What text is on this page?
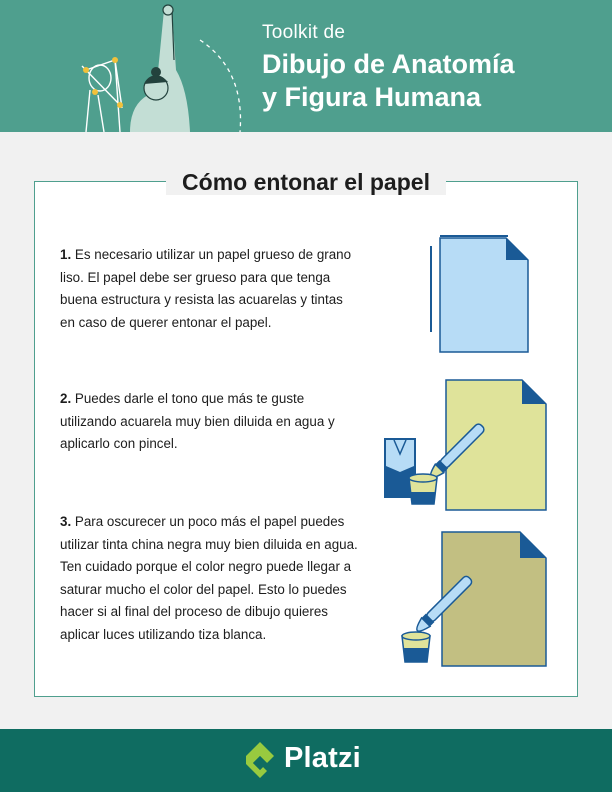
Toolkit de
Dibujo de Anatomía
y Figura Humana
Cómo entonar el papel
1. Es necesario utilizar un papel grueso de grano liso. El papel debe ser grueso para que tenga buena estructura y resista las acuarelas y tintas en caso de querer entonar el papel.
2. Puedes darle el tono que más te guste utilizando acuarela muy bien diluida en agua y aplicarlo con pincel.
3. Para oscurecer un poco más el papel puedes utilizar tinta china negra muy bien diluida en agua. Ten cuidado porque el color negro puede llegar a saturar mucho el color del papel. Esto lo puedes hacer si al final del proceso de dibujo quieres aplicar luces utilizando tiza blanca.
Platzi
